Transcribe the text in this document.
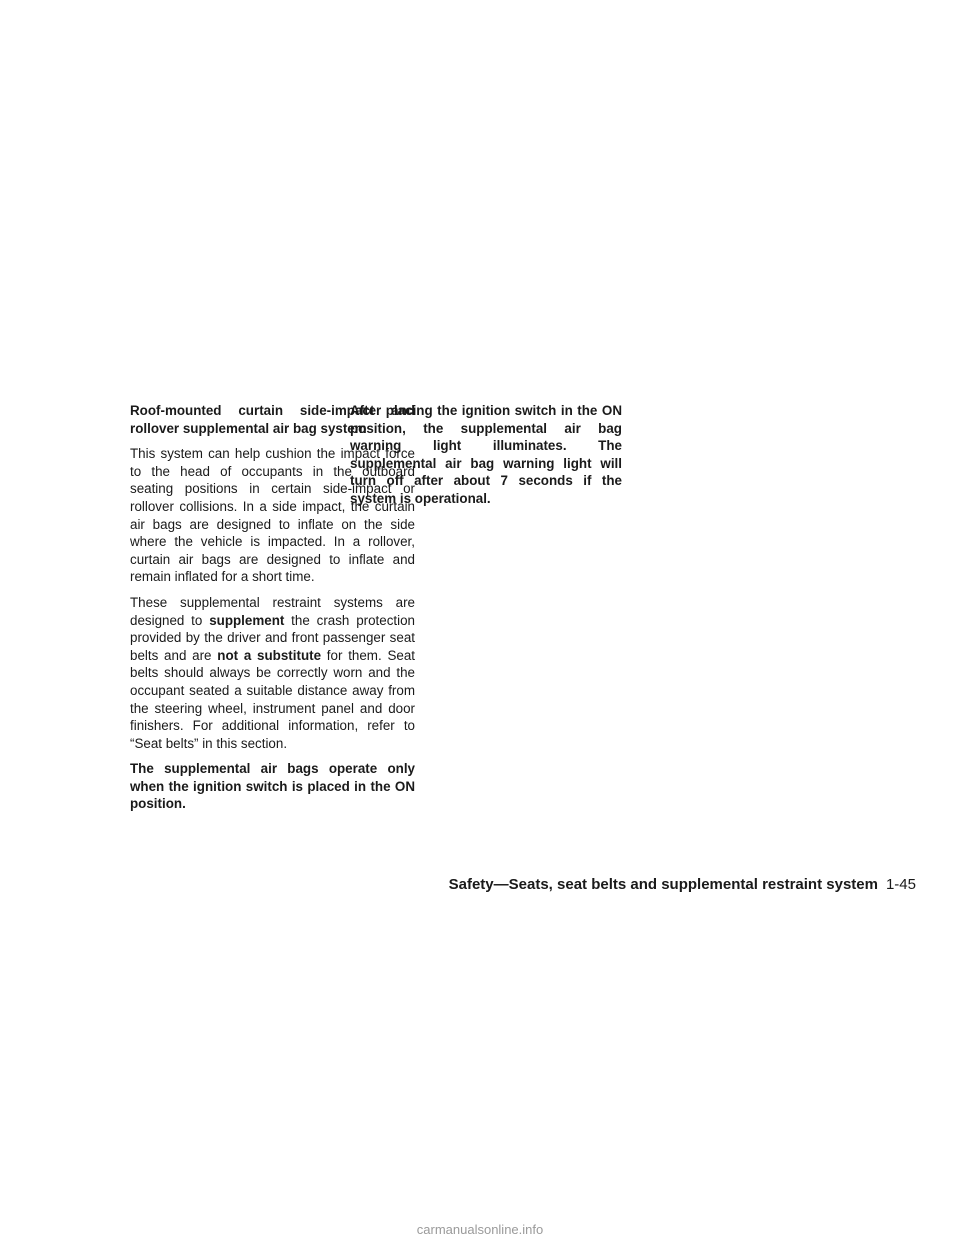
Roof-mounted curtain side-impact and rollover supplemental air bag system

This system can help cushion the impact force to the head of occupants in the outboard seating positions in certain side-impact or rollover collisions. In a side impact, the curtain air bags are designed to inflate on the side where the vehicle is impacted. In a rollover, curtain air bags are designed to inflate and remain inflated for a short time.

These supplemental restraint systems are designed to supplement the crash protection provided by the driver and front passenger seat belts and are not a substitute for them. Seat belts should always be correctly worn and the occupant seated a suitable distance away from the steering wheel, instrument panel and door finishers. For additional information, refer to “Seat belts” in this section.

The supplemental air bags operate only when the ignition switch is placed in the ON position.

After placing the ignition switch in the ON position, the supplemental air bag warning light illuminates. The supplemental air bag warning light will turn off after about 7 seconds if the system is operational.

Safety—Seats, seat belts and supplemental restraint system 1-45
carmanualsonline.info
